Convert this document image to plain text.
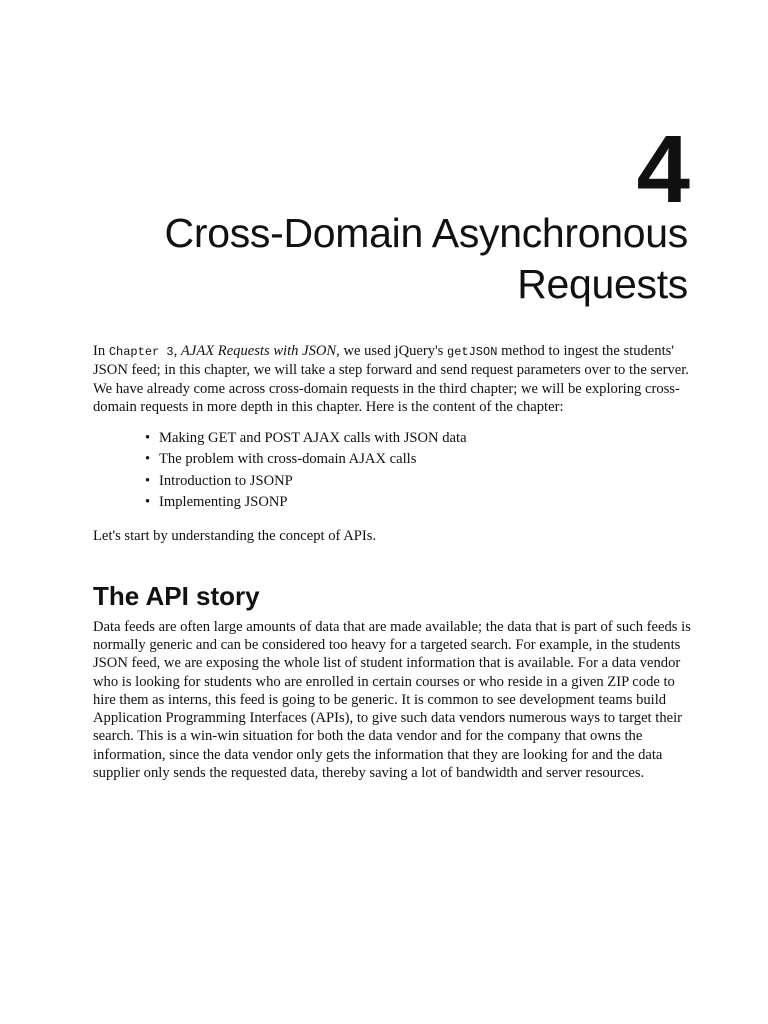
4
Cross-Domain Asynchronous Requests

In Chapter 3, AJAX Requests with JSON, we used jQuery's getJSON method to ingest the students' JSON feed; in this chapter, we will take a step forward and send request parameters over to the server. We have already come across cross-domain requests in the third chapter; we will be exploring cross-domain requests in more depth in this chapter. Here is the content of the chapter:

• Making GET and POST AJAX calls with JSON data
• The problem with cross-domain AJAX calls
• Introduction to JSONP
• Implementing JSONP

Let's start by understanding the concept of APIs.

The API story

Data feeds are often large amounts of data that are made available; the data that is part of such feeds is normally generic and can be considered too heavy for a targeted search. For example, in the students JSON feed, we are exposing the whole list of student information that is available. For a data vendor who is looking for students who are enrolled in certain courses or who reside in a given ZIP code to hire them as interns, this feed is going to be generic. It is common to see development teams build Application Programming Interfaces (APIs), to give such data vendors numerous ways to target their search. This is a win-win situation for both the data vendor and for the company that owns the information, since the data vendor only gets the information that they are looking for and the data supplier only sends the requested data, thereby saving a lot of bandwidth and server resources.
